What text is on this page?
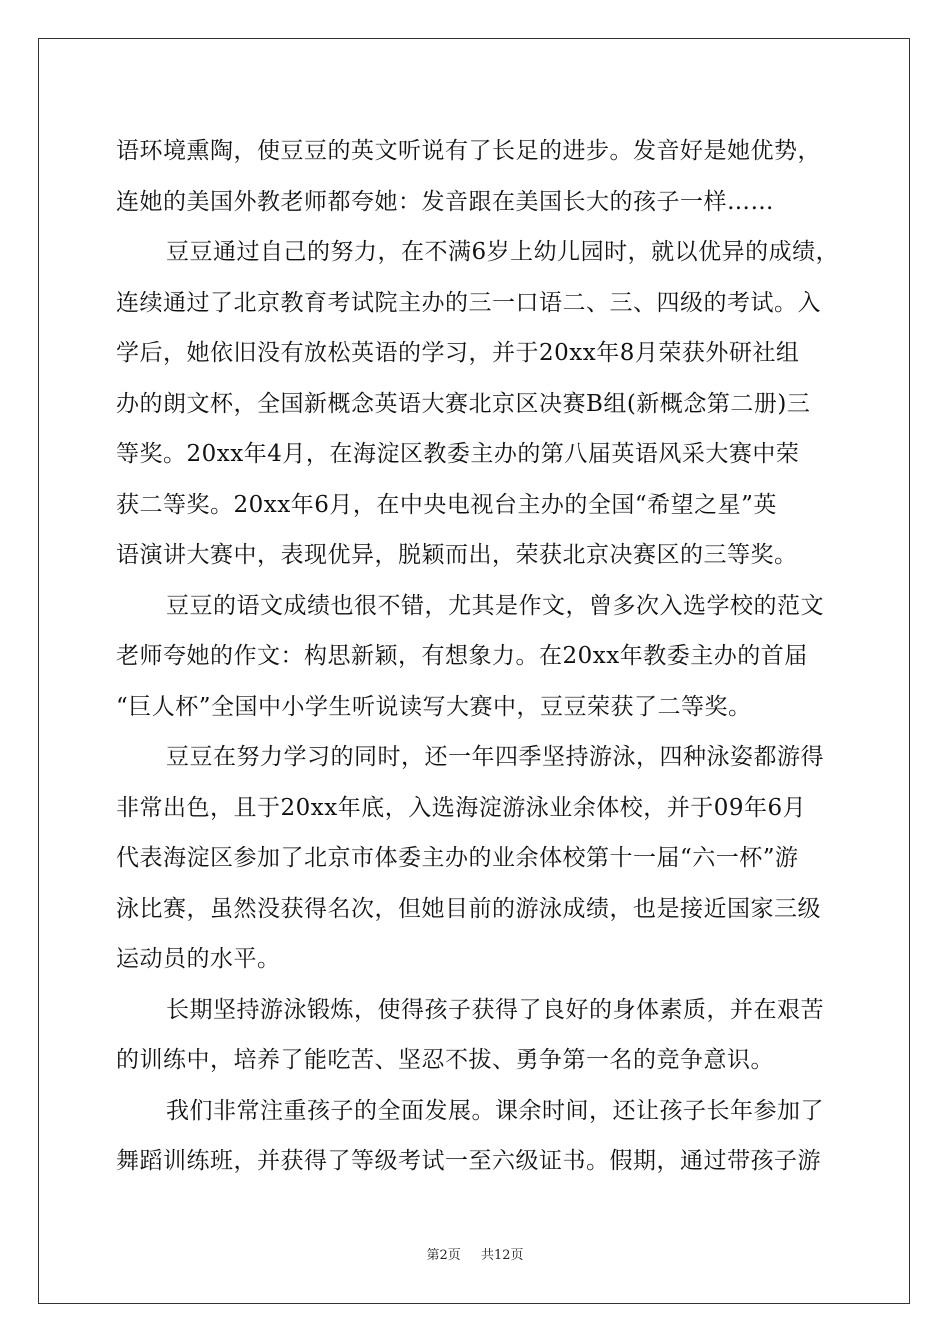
语环境熏陶，使豆豆的英文听说有了长足的进步。发音好是她优势，
连她的美国外教老师都夸她：发音跟在美国长大的孩子一样……
豆豆通过自己的努力，在不满6岁上幼儿园时，就以优异的成绩，
连续通过了北京教育考试院主办的三一口语二、三、四级的考试。入
学后，她依旧没有放松英语的学习，并于20xx年8月荣获外研社组
办的朗文杯，全国新概念英语大赛北京区决赛B组(新概念第二册)三
等奖。20xx年4月，在海淀区教委主办的第八届英语风采大赛中荣
获二等奖。20xx年6月，在中央电视台主办的全国“希望之星”英
语演讲大赛中，表现优异，脱颖而出，荣获北京决赛区的三等奖。
豆豆的语文成绩也很不错，尤其是作文，曾多次入选学校的范文
老师夸她的作文：构思新颖，有想象力。在20xx年教委主办的首届
“巨人杯”全国中小学生听说读写大赛中，豆豆荣获了二等奖。
豆豆在努力学习的同时，还一年四季坚持游泳，四种泳姿都游得
非常出色，且于20xx年底，入选海淀游泳业余体校，并于09年6月
代表海淀区参加了北京市体委主办的业余体校第十一届“六一杯”游
泳比赛，虽然没获得名次，但她目前的游泳成绩，也是接近国家三级
运动员的水平。
长期坚持游泳锻炼，使得孩子获得了良好的身体素质，并在艰苦
的训练中，培养了能吃苦、坚忍不拔、勇争第一名的竞争意识。
我们非常注重孩子的全面发展。课余时间，还让孩子长年参加了
舞蹈训练班，并获得了等级考试一至六级证书。假期，通过带孩子游
第2页 共12页
